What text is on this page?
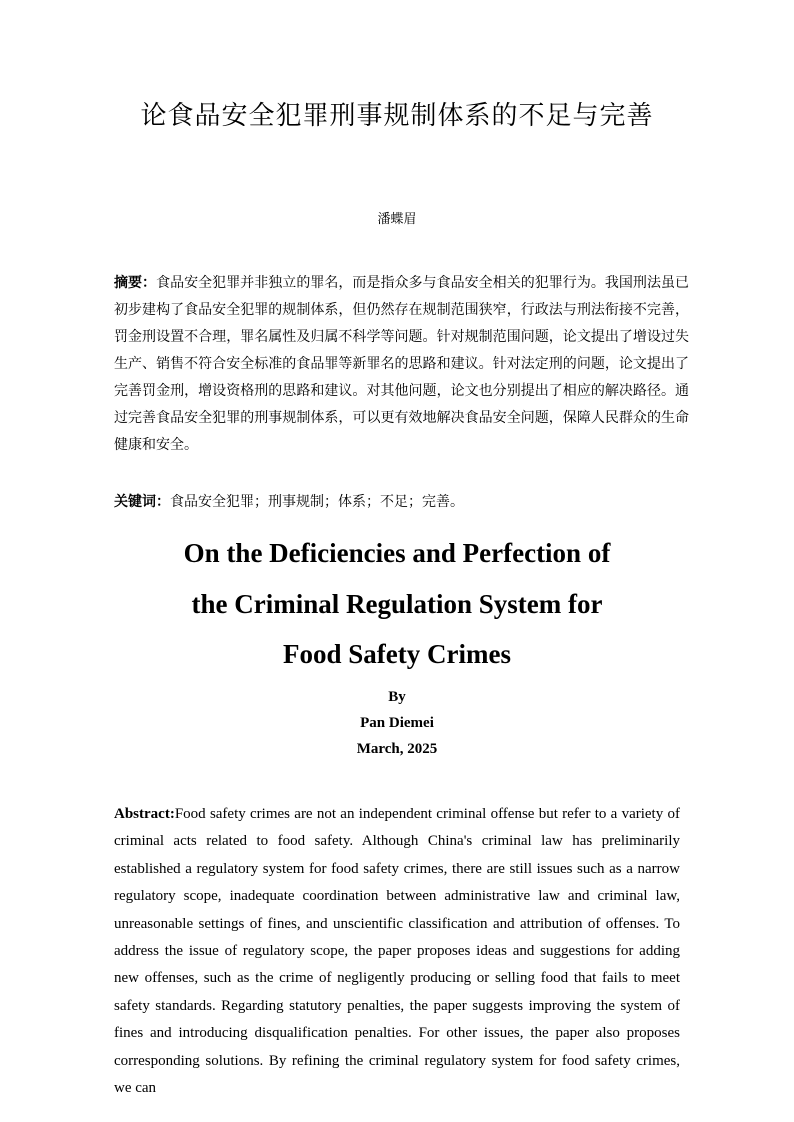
论食品安全犯罪刑事规制体系的不足与完善
潘蝶眉

摘要：食品安全犯罪并非独立的罪名，而是指众多与食品安全相关的犯罪行为。我国刑法虽已初步建构了食品安全犯罪的规制体系，但仍然存在规制范围狭窄，行政法与刑法衔接不完善，罚金刑设置不合理，罪名属性及归属不科学等问题。针对规制范围问题，论文提出了增设过失生产、销售不符合安全标准的食品罪等新罪名的思路和建议。针对法定刑的问题，论文提出了完善罚金刑，增设资格刑的思路和建议。对其他问题，论文也分别提出了相应的解决路径。通过完善食品安全犯罪的刑事规制体系，可以更有效地解决食品安全问题，保障人民群众的生命健康和安全。

关键词：食品安全犯罪；刑事规制；体系；不足；完善。

On the Deficiencies and Perfection of
the Criminal Regulation System for
Food Safety Crimes
By
Pan Diemei
March, 2025

Abstract:Food safety crimes are not an independent criminal offense but refer to a variety of criminal acts related to food safety. Although China's criminal law has preliminarily established a regulatory system for food safety crimes, there are still issues such as a narrow regulatory scope, inadequate coordination between administrative law and criminal law, unreasonable settings of fines, and unscientific classification and attribution of offenses. To address the issue of regulatory scope, the paper proposes ideas and suggestions for adding new offenses, such as the crime of negligently producing or selling food that fails to meet safety standards. Regarding statutory penalties, the paper suggests improving the system of fines and introducing disqualification penalties. For other issues, the paper also proposes corresponding solutions. By refining the criminal regulatory system for food safety crimes, we can
